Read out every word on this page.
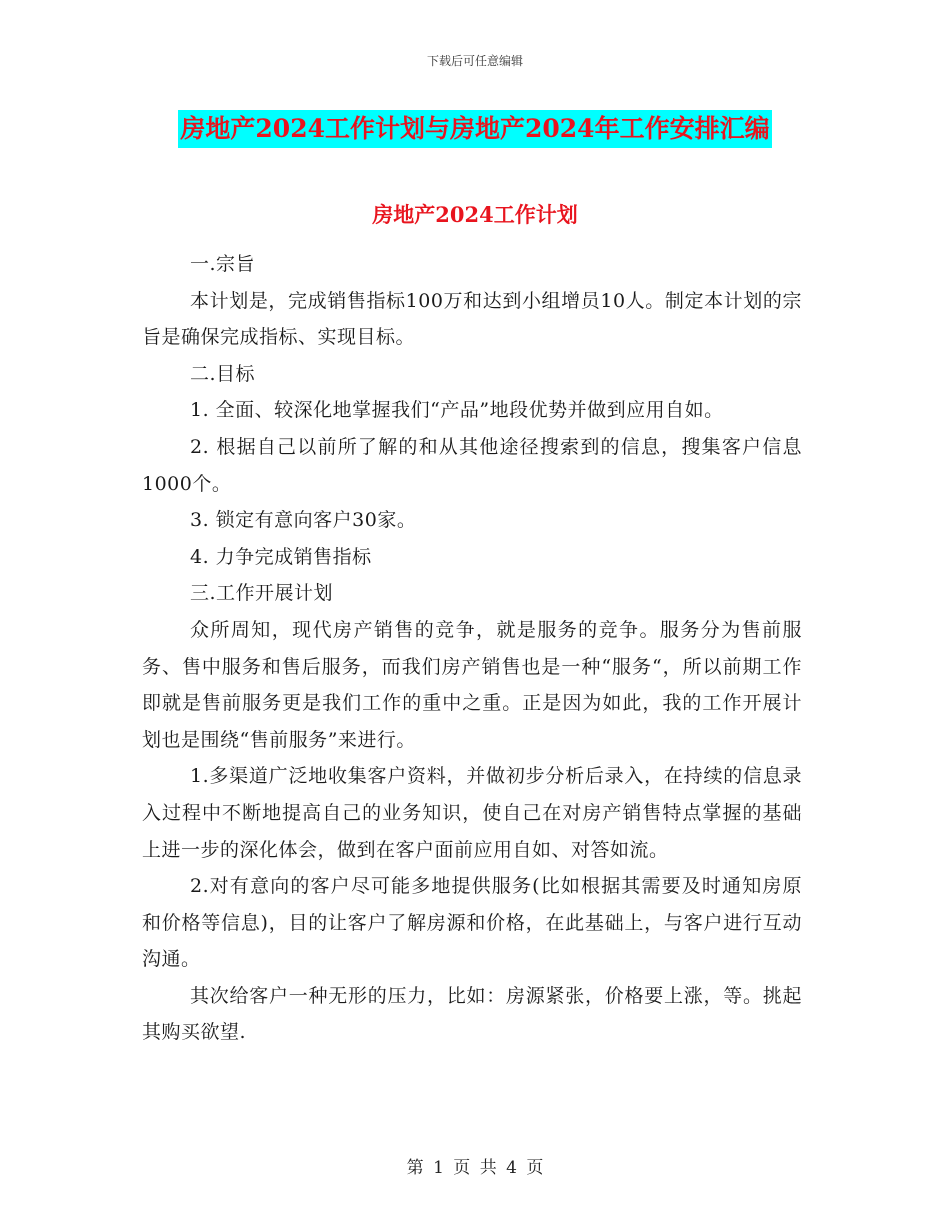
下载后可任意编辑
房地产2024工作计划与房地产2024年工作安排汇编
房地产2024工作计划

一.宗旨

本计划是，完成销售指标100万和达到小组增员10人。制定本计划的宗旨是确保完成指标、实现目标。

二.目标

1. 全面、较深化地掌握我们“产品”地段优势并做到应用自如。

2. 根据自己以前所了解的和从其他途径搜索到的信息，搜集客户信息1000个。

3. 锁定有意向客户30家。

4. 力争完成销售指标

三.工作开展计划

众所周知，现代房产销售的竞争，就是服务的竞争。服务分为售前服务、售中服务和售后服务，而我们房产销售也是一种“服务“，所以前期工作即就是售前服务更是我们工作的重中之重。正是因为如此，我的工作开展计划也是围绕“售前服务”来进行。

1.多渠道广泛地收集客户资料，并做初步分析后录入，在持续的信息录入过程中不断地提高自己的业务知识，使自己在对房产销售特点掌握的基础上进一步的深化体会，做到在客户面前应用自如、对答如流。

2.对有意向的客户尽可能多地提供服务(比如根据其需要及时通知房原和价格等信息)，目的让客户了解房源和价格，在此基础上，与客户进行互动沟通。

其次给客户一种无形的压力，比如：房源紧张，价格要上涨，等。挑起其购买欲望.

第 1 页 共 4 页
